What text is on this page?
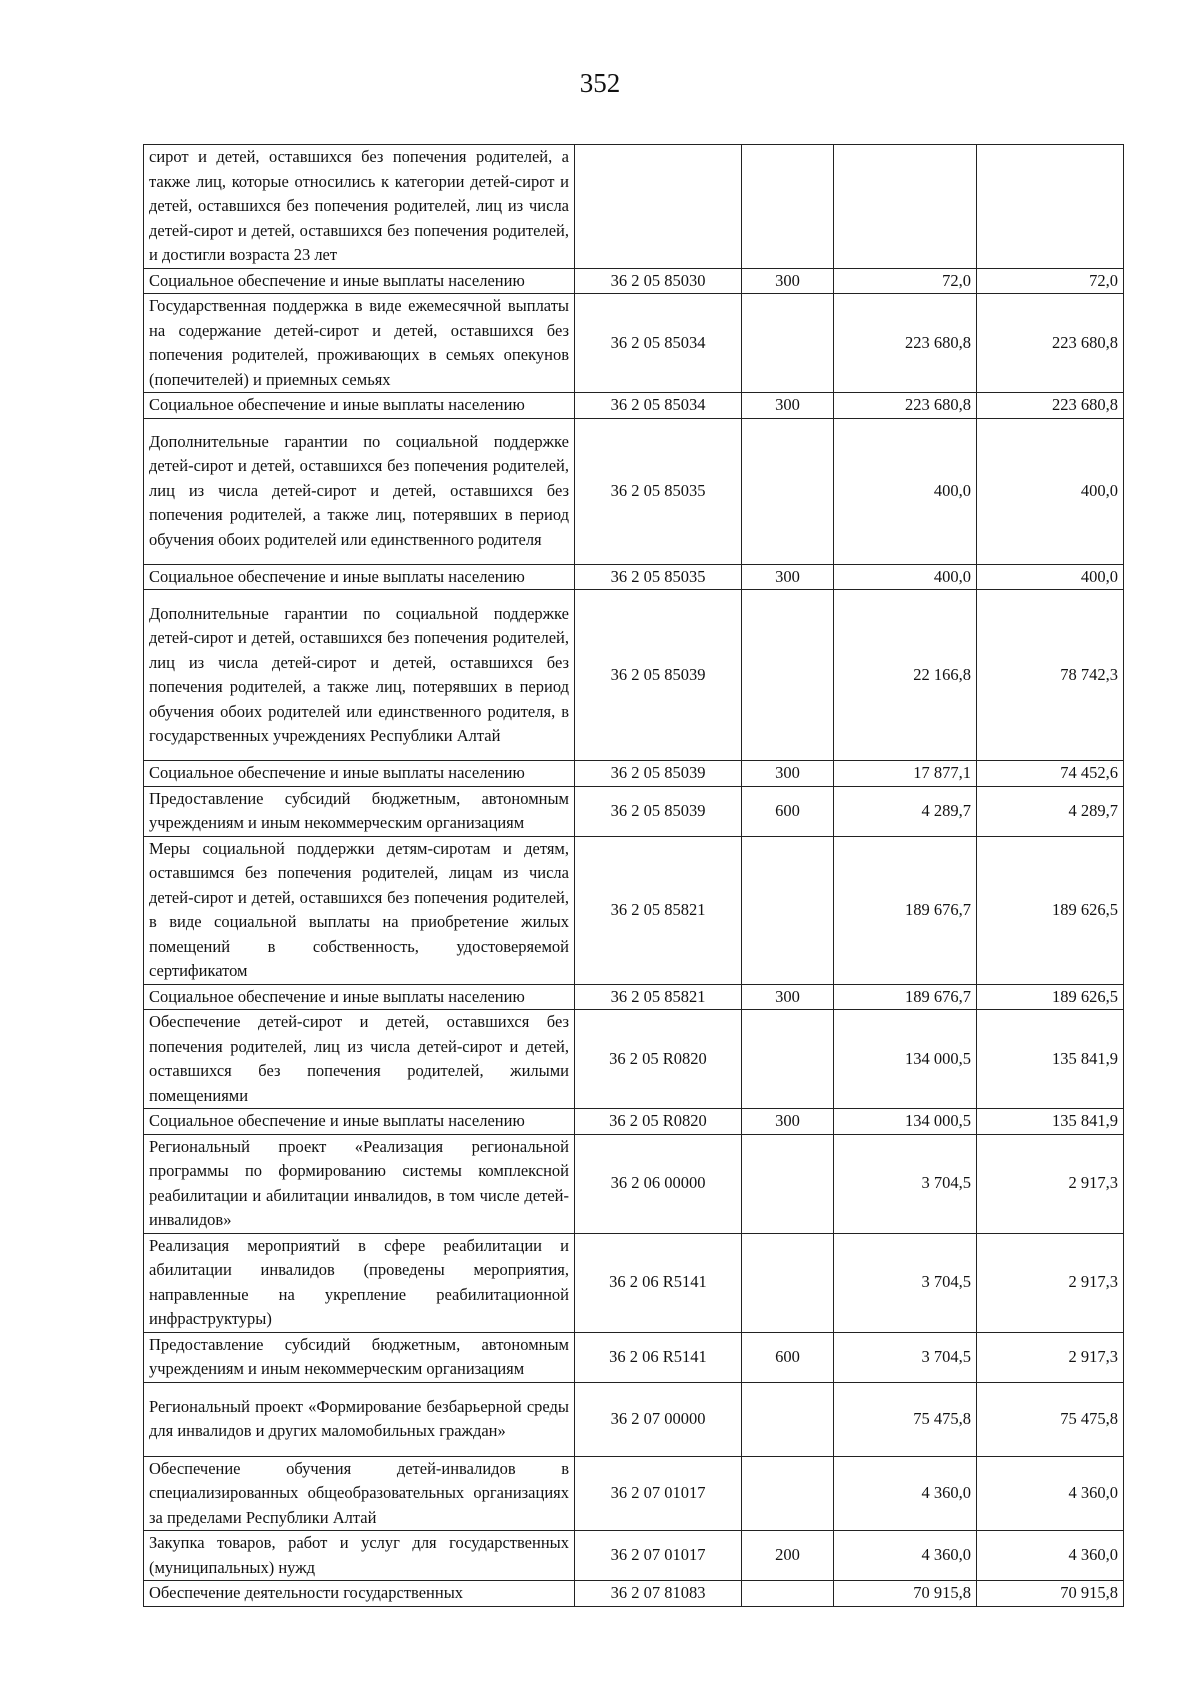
352
сирот и детей, оставшихся без попечения родителей, а также лиц, которые относились к категории детей-сирот и детей, оставшихся без попечения родителей, лиц из числа детей-сирот и детей, оставшихся без попечения родителей, и достигли возраста 23 лет				
Социальное обеспечение и иные выплаты населению	36 2 05 85030	300	72,0	72,0
Государственная поддержка в виде ежемесячной выплаты на содержание детей-сирот и детей, оставшихся без попечения родителей, проживающих в семьях опекунов (попечителей) и приемных семьях	36 2 05 85034		223 680,8	223 680,8
Социальное обеспечение и иные выплаты населению	36 2 05 85034	300	223 680,8	223 680,8
Дополнительные гарантии по социальной поддержке детей-сирот и детей, оставшихся без попечения родителей, лиц из числа детей-сирот и детей, оставшихся без попечения родителей, а также лиц, потерявших в период обучения обоих родителей или единственного родителя	36 2 05 85035		400,0	400,0
Социальное обеспечение и иные выплаты населению	36 2 05 85035	300	400,0	400,0
Дополнительные гарантии по социальной поддержке детей-сирот и детей, оставшихся без попечения родителей, лиц из числа детей-сирот и детей, оставшихся без попечения родителей, а также лиц, потерявших в период обучения обоих родителей или единственного родителя, в государственных учреждениях Республики Алтай	36 2 05 85039		22 166,8	78 742,3
Социальное обеспечение и иные выплаты населению	36 2 05 85039	300	17 877,1	74 452,6
Предоставление субсидий бюджетным, автономным учреждениям и иным некоммерческим организациям	36 2 05 85039	600	4 289,7	4 289,7
Меры социальной поддержки детям-сиротам и детям, оставшимся без попечения родителей, лицам из числа детей-сирот и детей, оставшихся без попечения родителей, в виде социальной выплаты на приобретение жилых помещений в собственность, удостоверяемой сертификатом	36 2 05 85821		189 676,7	189 626,5
Социальное обеспечение и иные выплаты населению	36 2 05 85821	300	189 676,7	189 626,5
Обеспечение детей-сирот и детей, оставшихся без попечения родителей, лиц из числа детей-сирот и детей, оставшихся без попечения родителей, жилыми помещениями	36 2 05 R0820		134 000,5	135 841,9
Социальное обеспечение и иные выплаты населению	36 2 05 R0820	300	134 000,5	135 841,9
Региональный проект «Реализация региональной программы по формированию системы комплексной реабилитации и абилитации инвалидов, в том числе детей-инвалидов»	36 2 06 00000		3 704,5	2 917,3
Реализация мероприятий в сфере реабилитации и абилитации инвалидов (проведены мероприятия, направленные на укрепление реабилитационной инфраструктуры)	36 2 06 R5141		3 704,5	2 917,3
Предоставление субсидий бюджетным, автономным учреждениям и иным некоммерческим организациям	36 2 06 R5141	600	3 704,5	2 917,3
Региональный проект «Формирование безбарьерной среды для инвалидов и других маломобильных граждан»	36 2 07 00000		75 475,8	75 475,8
Обеспечение обучения детей-инвалидов в специализированных общеобразовательных организациях за пределами Республики Алтай	36 2 07 01017		4 360,0	4 360,0
Закупка товаров, работ и услуг для государственных (муниципальных) нужд	36 2 07 01017	200	4 360,0	4 360,0
Обеспечение деятельности государственных	36 2 07 81083		70 915,8	70 915,8
